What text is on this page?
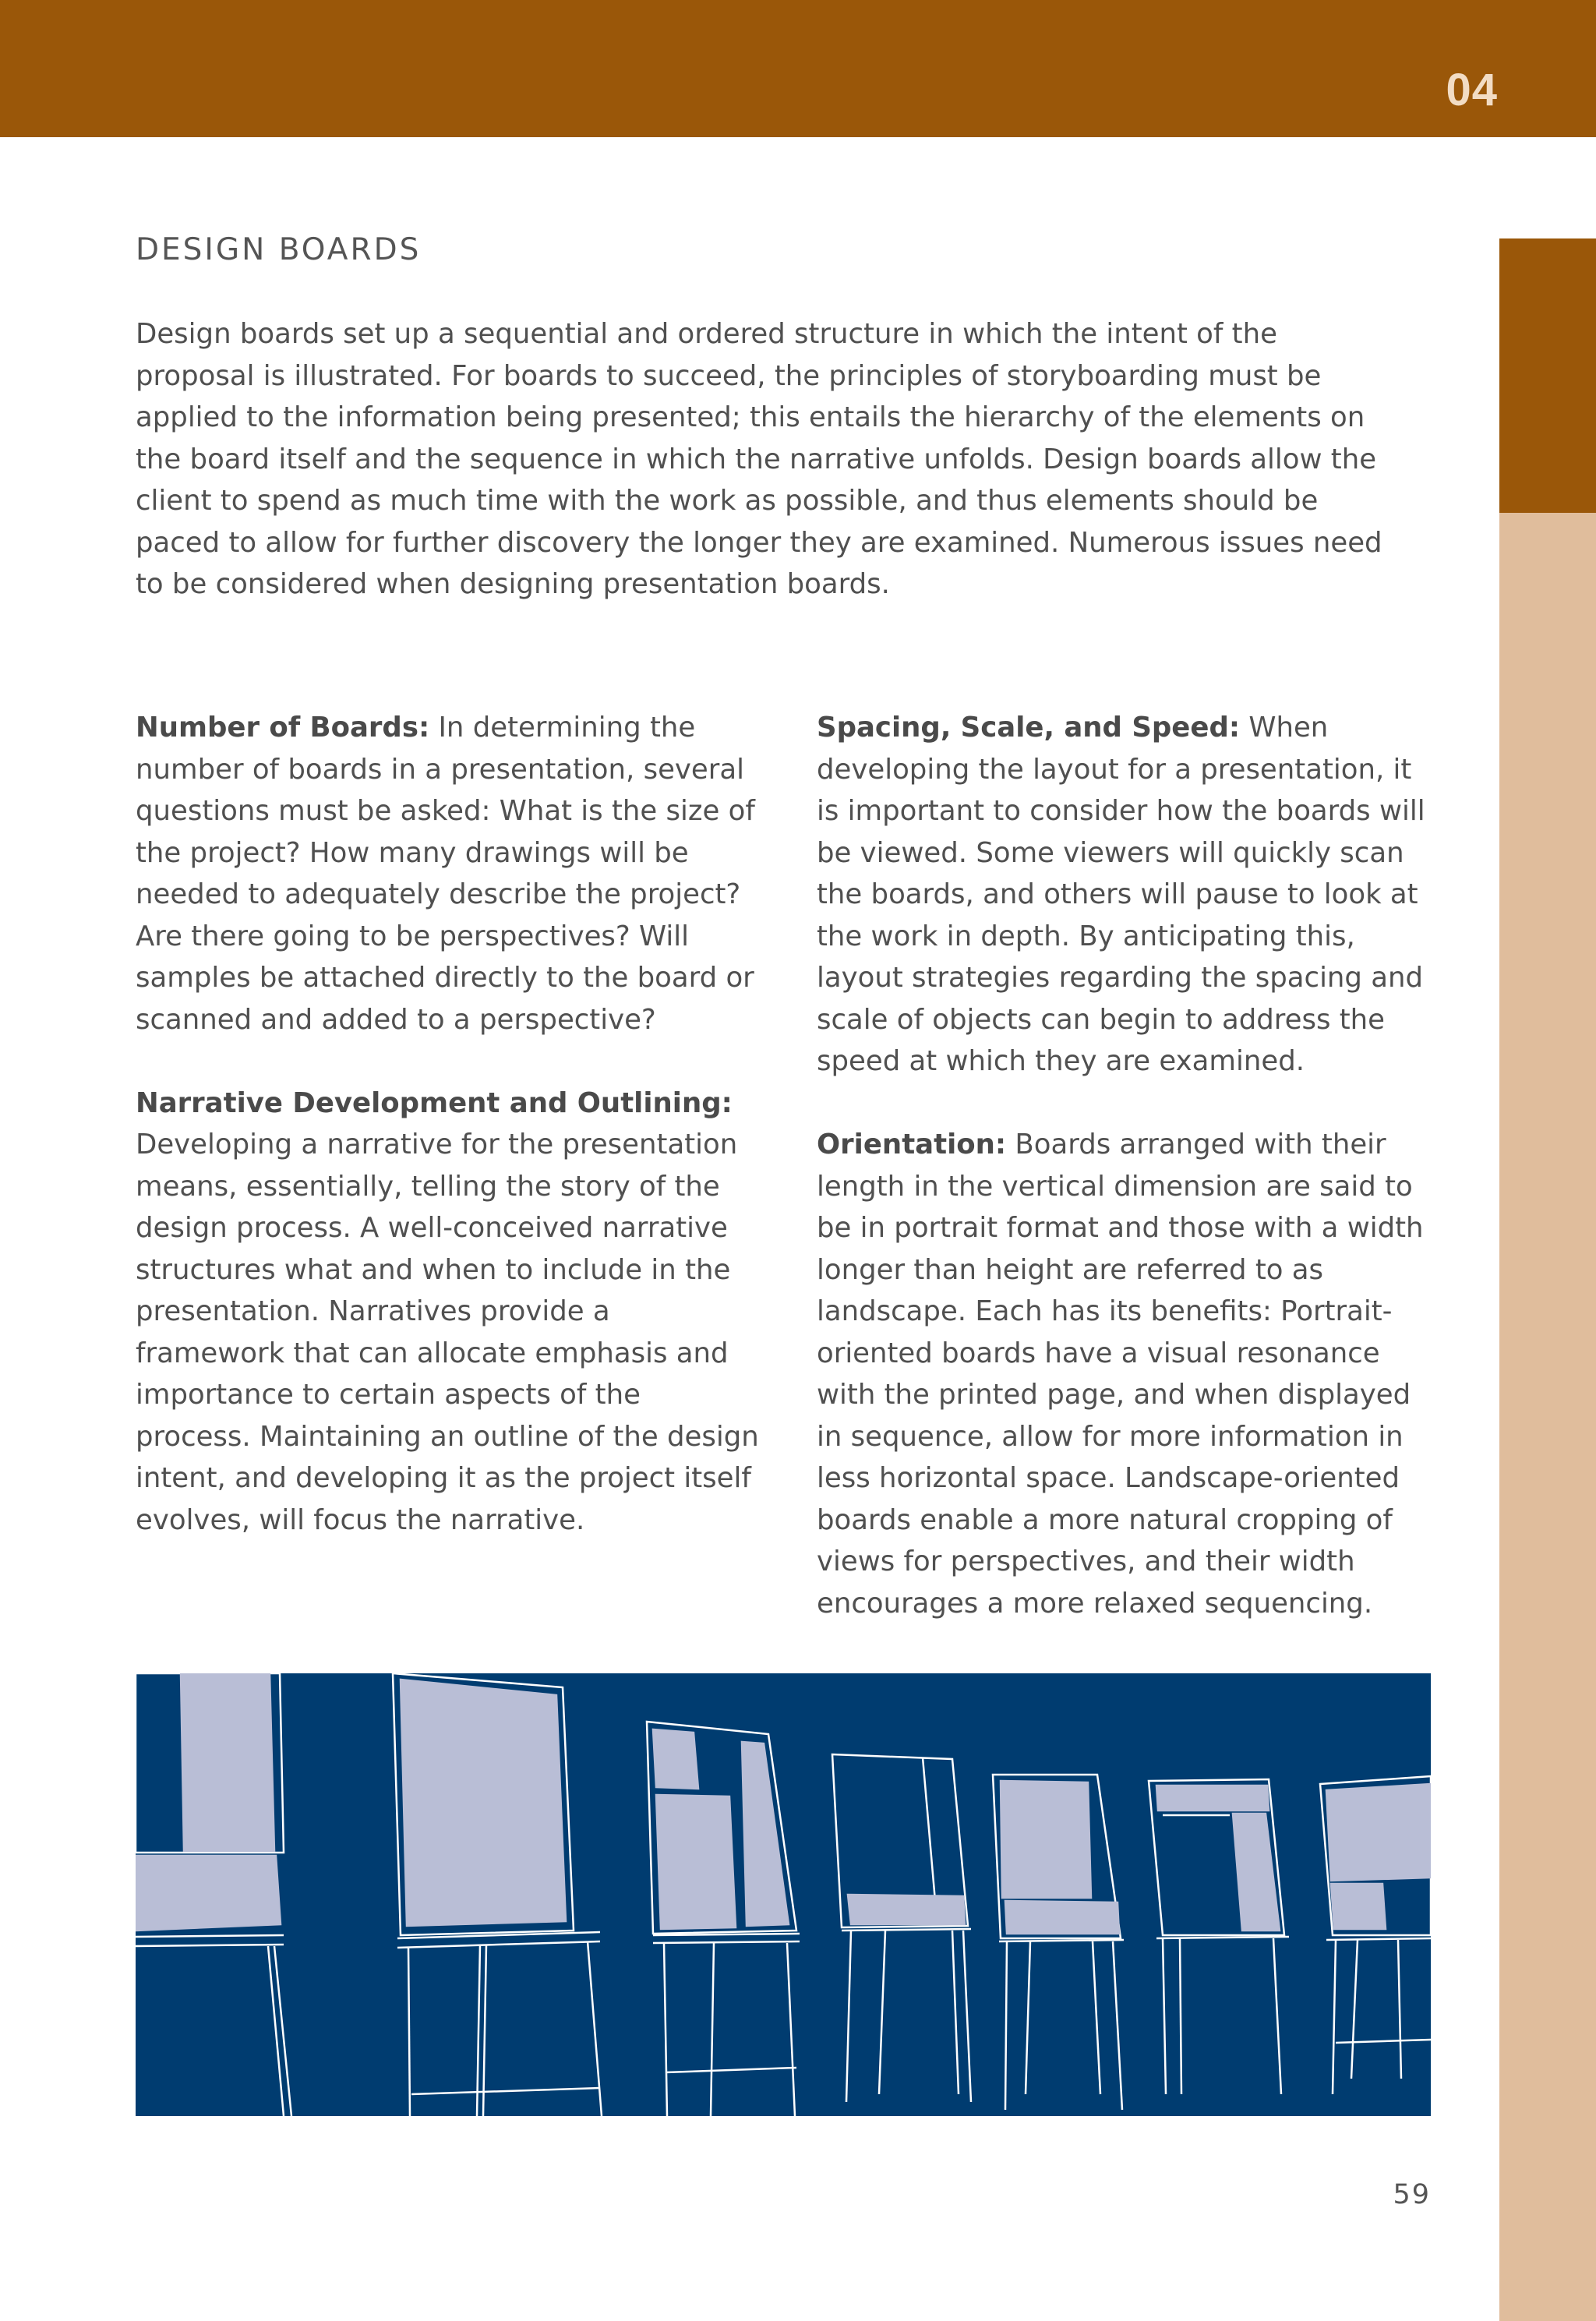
04
DESIGN BOARDS

Design boards set up a sequential and ordered structure in which the intent of the proposal is illustrated. For boards to succeed, the principles of storyboarding must be applied to the information being presented; this entails the hierarchy of the elements on the board itself and the sequence in which the narrative unfolds. Design boards allow the client to spend as much time with the work as possible, and thus elements should be paced to allow for further discovery the longer they are examined. Numerous issues need to be considered when designing presentation boards.

Number of Boards: In determining the number of boards in a presentation, several questions must be asked: What is the size of the project? How many drawings will be needed to adequately describe the project? Are there going to be perspectives? Will samples be attached directly to the board or scanned and added to a perspective?

Narrative Development and Outlining: Developing a narrative for the presentation means, essentially, telling the story of the design process. A well-conceived narrative structures what and when to include in the presentation. Narratives provide a framework that can allocate emphasis and importance to certain aspects of the process. Maintaining an outline of the design intent, and developing it as the project itself evolves, will focus the narrative.

Spacing, Scale, and Speed: When developing the layout for a presentation, it is important to consider how the boards will be viewed. Some viewers will quickly scan the boards, and others will pause to look at the work in depth. By anticipating this, layout strategies regarding the spacing and scale of objects can begin to address the speed at which they are examined.

Orientation: Boards arranged with their length in the vertical dimension are said to be in portrait format and those with a width longer than height are referred to as landscape. Each has its benefits: Portrait-oriented boards have a visual resonance with the printed page, and when displayed in sequence, allow for more information in less horizontal space. Landscape-oriented boards enable a more natural cropping of views for perspectives, and their width encourages a more relaxed sequencing.

59
